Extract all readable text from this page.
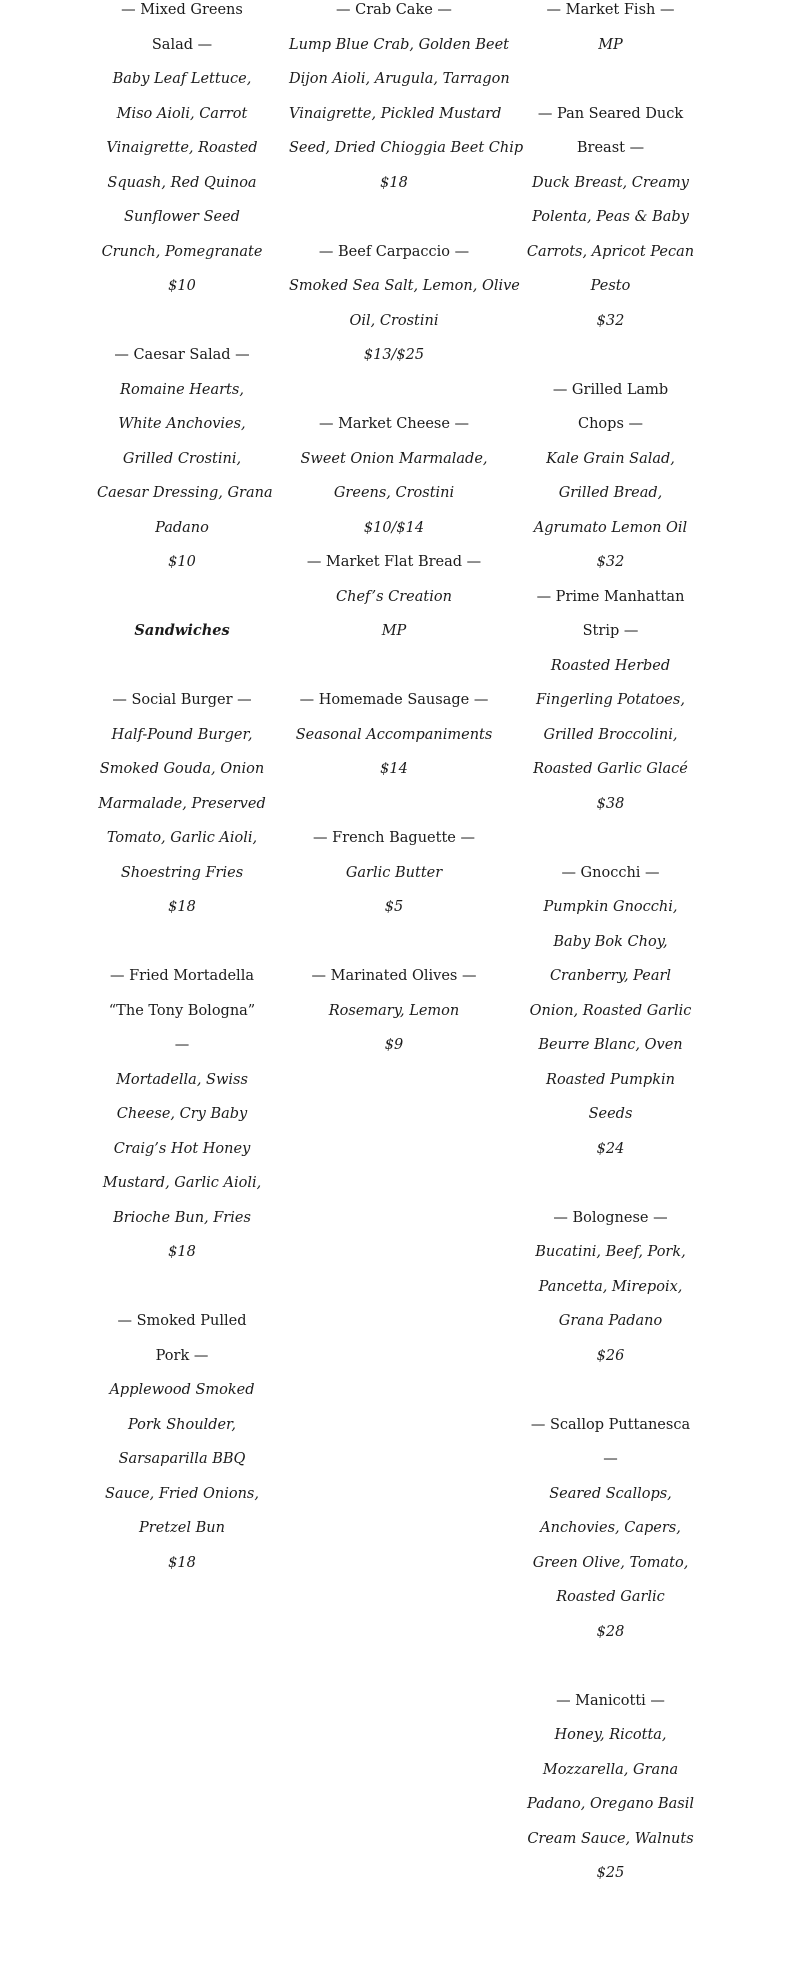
— Mixed Greens
Salad —
Baby Leaf Lettuce,
Miso Aioli, Carrot
Vinaigrette, Roasted
Squash, Red Quinoa
Sunflower Seed
Crunch, Pomegranate
$10
— Caesar Salad —
Romaine Hearts,
White Anchovies,
Grilled Crostini,
Caesar Dressing, Grana
Padano
$10
Sandwiches
— Social Burger —
Half-Pound Burger,
Smoked Gouda, Onion
Marmalade, Preserved
Tomato, Garlic Aioli,
Shoestring Fries
$18
— Fried Mortadella
“The Tony Bologna”
—
Mortadella, Swiss
Cheese, Cry Baby
Craig’s Hot Honey
Mustard, Garlic Aioli,
Brioche Bun, Fries
$18
— Smoked Pulled
Pork —
Applewood Smoked
Pork Shoulder,
Sarsaparilla BBQ
Sauce, Fried Onions,
Pretzel Bun
$18
— Crab Cake —
Lump Blue Crab, Golden Beet
Dijon Aioli, Arugula, Tarragon
Vinaigrette, Pickled Mustard
Seed, Dried Chioggia Beet Chip
$18
— Beef Carpaccio —
Smoked Sea Salt, Lemon, Olive
Oil, Crostini
$13/$25
— Market Cheese —
Sweet Onion Marmalade,
Greens, Crostini
$10/$14
— Market Flat Bread —
Chef’s Creation
MP
— Homemade Sausage —
Seasonal Accompaniments
$14
— French Baguette —
Garlic Butter
$5
— Marinated Olives —
Rosemary, Lemon
$9
— Market Fish —
MP
— Pan Seared Duck
Breast —
Duck Breast, Creamy
Polenta, Peas & Baby
Carrots, Apricot Pecan
Pesto
$32
— Grilled Lamb
Chops —
Kale Grain Salad,
Grilled Bread,
Agrumato Lemon Oil
$32
— Prime Manhattan
Strip —
Roasted Herbed
Fingerling Potatoes,
Grilled Broccolini,
Roasted Garlic Glacé
$38
— Gnocchi —
Pumpkin Gnocchi,
Baby Bok Choy,
Cranberry, Pearl
Onion, Roasted Garlic
Beurre Blanc, Oven
Roasted Pumpkin
Seeds
$24
— Bolognese —
Bucatini, Beef, Pork,
Pancetta, Mirepoix,
Grana Padano
$26
— Scallop Puttanesca
—
Seared Scallops,
Anchovies, Capers,
Green Olive, Tomato,
Roasted Garlic
$28
— Manicotti —
Honey, Ricotta,
Mozzarella, Grana
Padano, Oregano Basil
Cream Sauce, Walnuts
$25
